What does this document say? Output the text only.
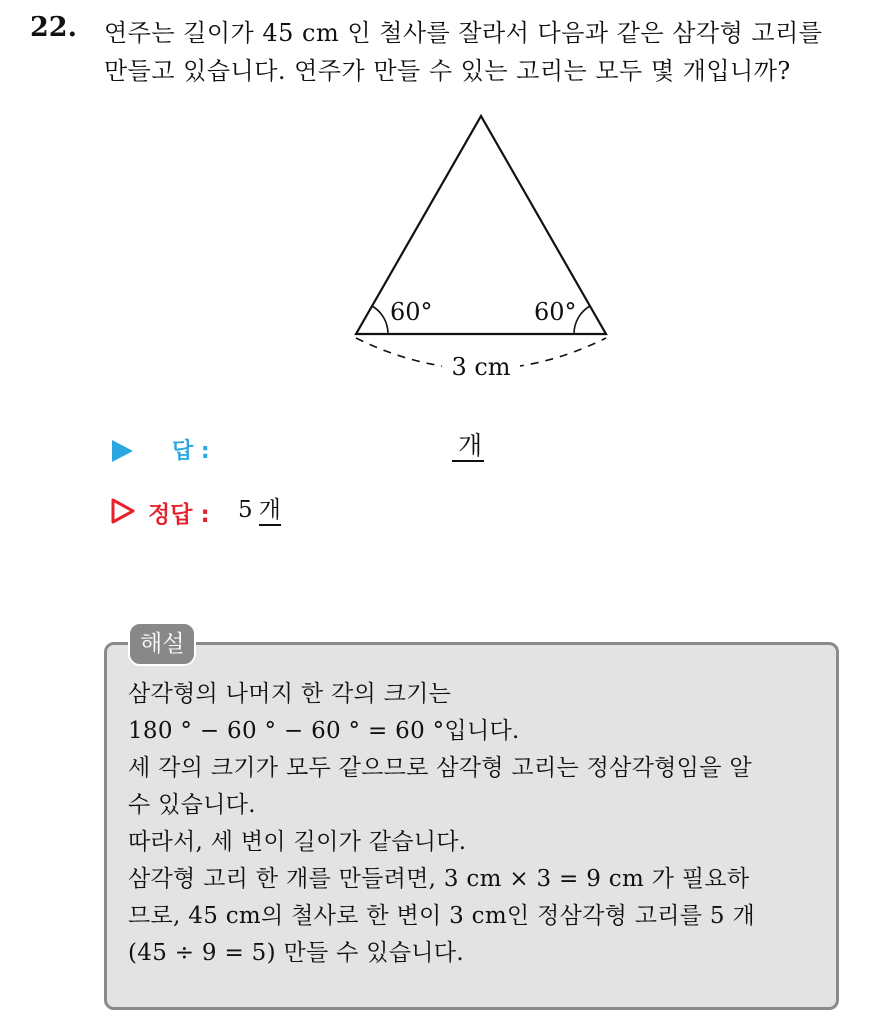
22. 연주는 길이가 45 cm 인 철사를 잘라서 다음과 같은 삼각형 고리를
만들고 있습니다. 연주가 만들 수 있는 고리는 모두 몇 개입니까?
60°	60°
3 cm
답 :	개
정답 : 5 개
해설
삼각형의 나머지 한 각의 크기는
180 ° − 60 ° − 60 ° = 60 °입니다.
세 각의 크기가 모두 같으므로 삼각형 고리는 정삼각형임을 알
수 있습니다.
따라서, 세 변이 길이가 같습니다.
삼각형 고리 한 개를 만들려면, 3 cm × 3 = 9 cm 가 필요하
므로, 45 cm의 철사로 한 변이 3 cm인 정삼각형 고리를 5 개
(45 ÷ 9 = 5) 만들 수 있습니다.
